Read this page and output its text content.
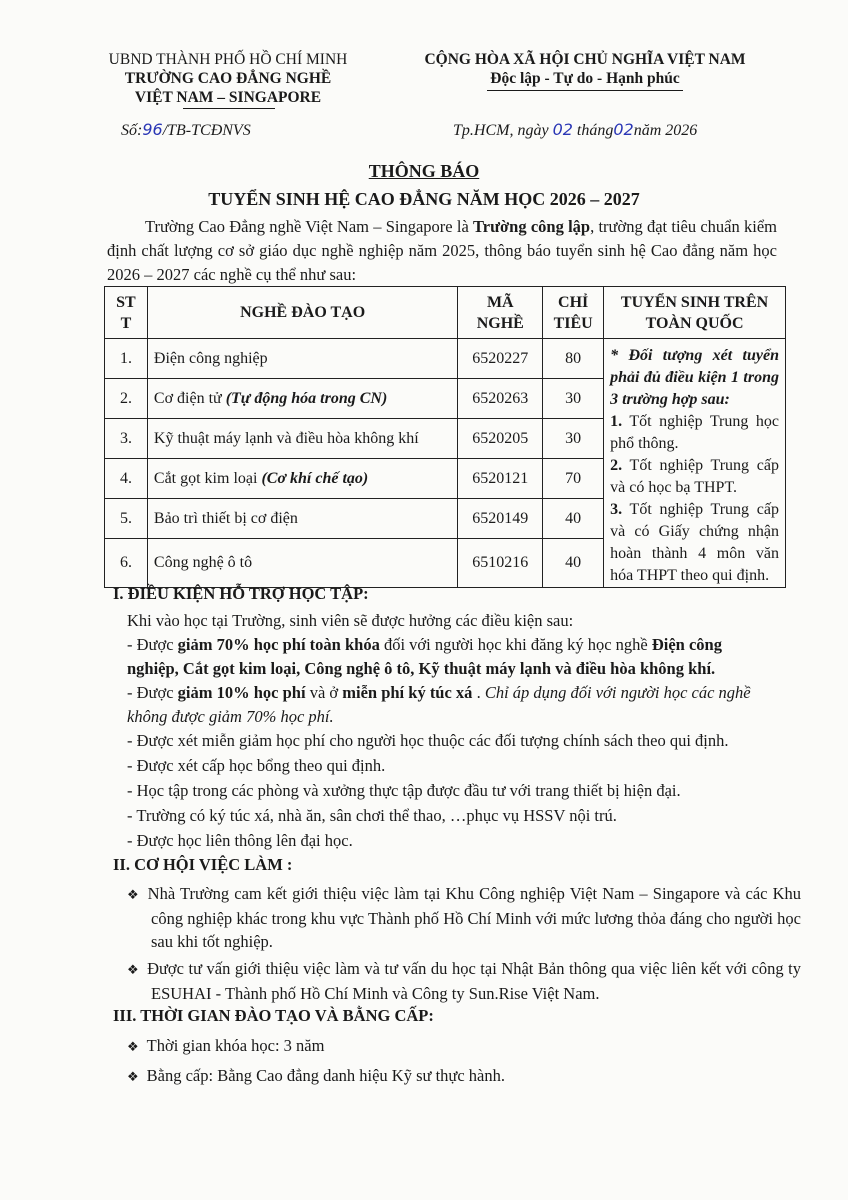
UBND THÀNH PHỐ HỒ CHÍ MINH
TRƯỜNG CAO ĐẲNG NGHỀ
VIỆT NAM – SINGAPORE
CỘNG HÒA XÃ HỘI CHỦ NGHĨA VIỆT NAM
Độc lập - Tự do - Hạnh phúc
Số:96/TB-TCĐNVS	Tp.HCM, ngày 02 tháng02năm 2026
THÔNG BÁO
TUYỂN SINH HỆ CAO ĐẲNG NĂM HỌC 2026 – 2027
Trường Cao Đẳng nghề Việt Nam – Singapore là Trường công lập, trường đạt tiêu chuẩn kiểm định chất lượng cơ sở giáo dục nghề nghiệp năm 2025, thông báo tuyển sinh hệ Cao đẳng năm học 2026 – 2027 các nghề cụ thể như sau:
ST T	NGHỀ ĐÀO TẠO	MÃ NGHỀ	CHỈ TIÊU	TUYỂN SINH TRÊN TOÀN QUỐC
1.	Điện công nghiệp	6520227	80	* Đối tượng xét tuyển phải đủ điều kiện 1 trong 3 trường hợp sau:
1. Tốt nghiệp Trung học phổ thông.
2. Tốt nghiệp Trung cấp và có học bạ THPT.
3. Tốt nghiệp Trung cấp và có Giấy chứng nhận hoàn thành 4 môn văn hóa THPT theo qui định.

2.	Cơ điện tử (Tự động hóa trong CN)	6520263	30	
3.	Kỹ thuật máy lạnh và điều hòa không khí	6520205	30	
4.	Cắt gọt kim loại (Cơ khí chế tạo)	6520121	70	
5.	Bảo trì thiết bị cơ điện	6520149	40	
6.	Công nghệ ô tô	6510216	40	
I. ĐIỀU KIỆN HỖ TRỢ HỌC TẬP:
Khi vào học tại Trường, sinh viên sẽ được hưởng các điều kiện sau:
- Được giảm 70% học phí toàn khóa đối với người học khi đăng ký học nghề Điện công nghiệp, Cắt gọt kim loại, Công nghệ ô tô, Kỹ thuật máy lạnh và điều hòa không khí.
- Được giảm 10% học phí và ở miễn phí ký túc xá . Chỉ áp dụng đối với người học các nghề không được giảm 70% học phí.
- Được xét miễn giảm học phí cho người học thuộc các đối tượng chính sách theo qui định.
- Được xét cấp học bổng theo qui định.
- Học tập trong các phòng và xưởng thực tập được đầu tư với trang thiết bị hiện đại.
- Trường có ký túc xá, nhà ăn, sân chơi thể thao, …phục vụ HSSV nội trú.
- Được học liên thông lên đại học.
II. CƠ HỘI VIỆC LÀM :
❖ Nhà Trường cam kết giới thiệu việc làm tại Khu Công nghiệp Việt Nam – Singapore và các Khu công nghiệp khác trong khu vực Thành phố Hồ Chí Minh với mức lương thỏa đáng cho người học sau khi tốt nghiệp.
❖ Được tư vấn giới thiệu việc làm và tư vấn du học tại Nhật Bản thông qua việc liên kết với công ty ESUHAI - Thành phố Hồ Chí Minh và Công ty Sun.Rise Việt Nam.
III. THỜI GIAN ĐÀO TẠO VÀ BẰNG CẤP:
❖ Thời gian khóa học: 3 năm
❖ Bằng cấp: Bằng Cao đẳng danh hiệu Kỹ sư thực hành.
